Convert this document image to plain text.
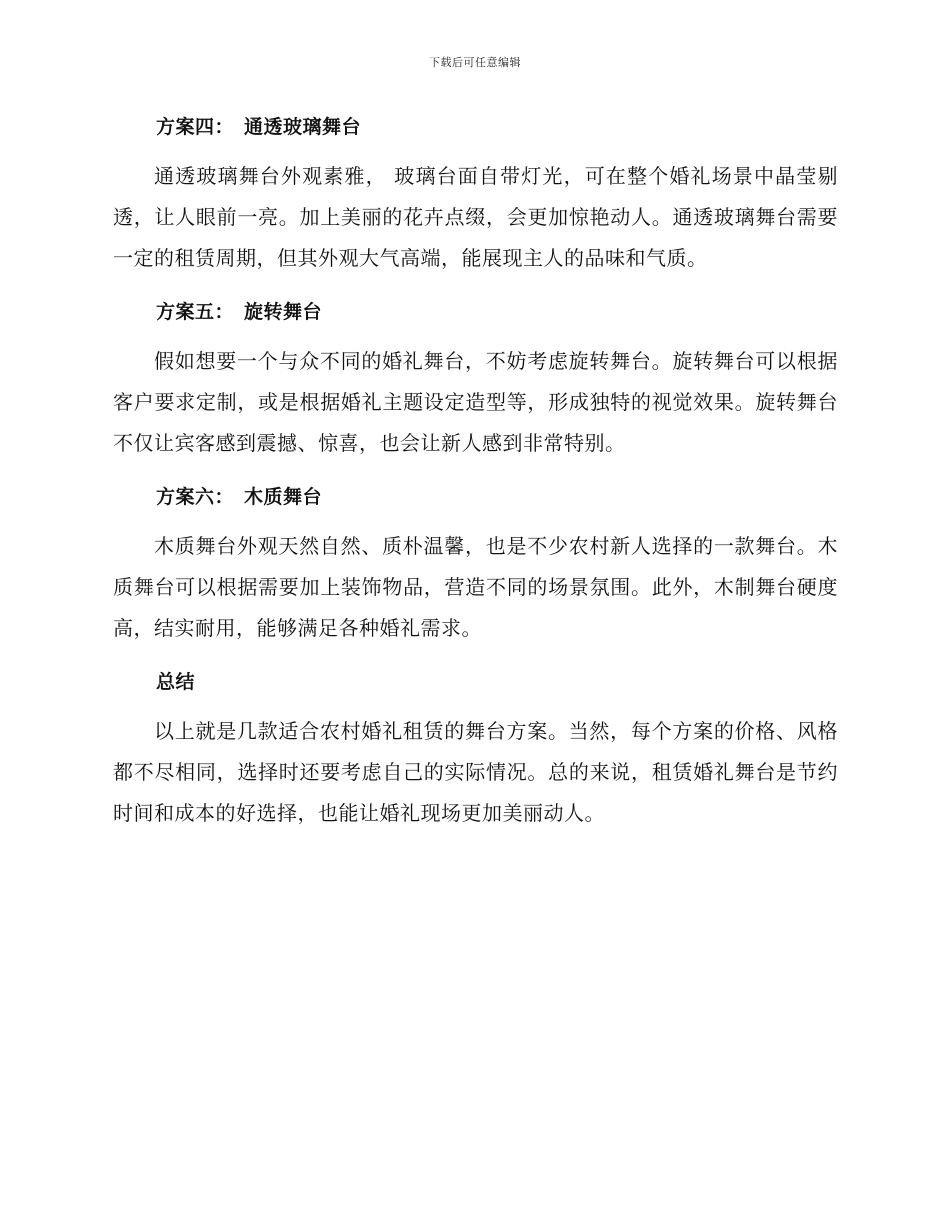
下载后可任意编辑
方案四： 通透玻璃舞台

通透玻璃舞台外观素雅， 玻璃台面自带灯光，可在整个婚礼场景中晶莹剔透，让人眼前一亮。加上美丽的花卉点缀，会更加惊艳动人。通透玻璃舞台需要一定的租赁周期，但其外观大气高端，能展现主人的品味和气质。

方案五： 旋转舞台

假如想要一个与众不同的婚礼舞台，不妨考虑旋转舞台。旋转舞台可以根据客户要求定制，或是根据婚礼主题设定造型等，形成独特的视觉效果。旋转舞台不仅让宾客感到震撼、惊喜，也会让新人感到非常特别。

方案六： 木质舞台

木质舞台外观天然自然、质朴温馨，也是不少农村新人选择的一款舞台。木质舞台可以根据需要加上装饰物品，营造不同的场景氛围。此外，木制舞台硬度高，结实耐用，能够满足各种婚礼需求。

总结

以上就是几款适合农村婚礼租赁的舞台方案。当然，每个方案的价格、风格都不尽相同，选择时还要考虑自己的实际情况。总的来说，租赁婚礼舞台是节约时间和成本的好选择，也能让婚礼现场更加美丽动人。
